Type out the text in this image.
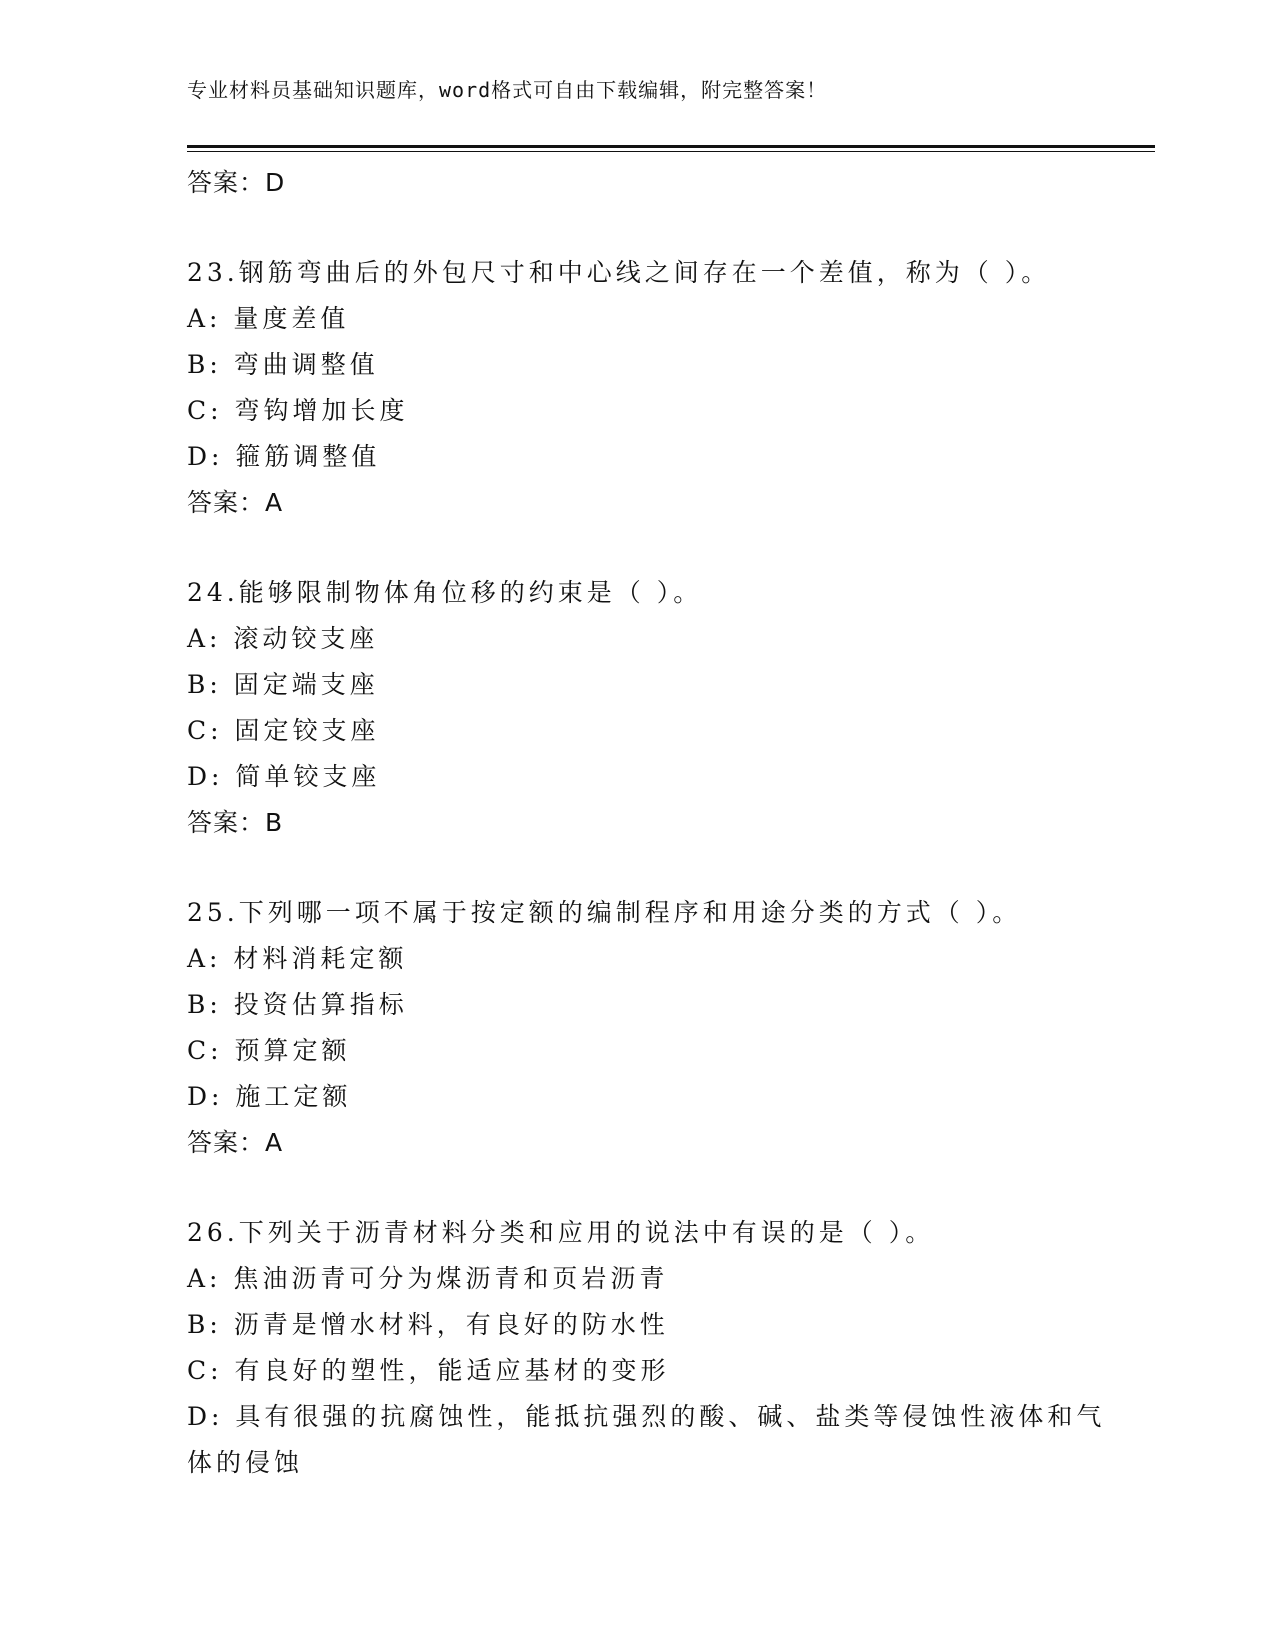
专业材料员基础知识题库，word格式可自由下载编辑，附完整答案！
答案：D
23.钢筋弯曲后的外包尺寸和中心线之间存在一个差值，称为（ ）。
A: 量度差值
B: 弯曲调整值
C: 弯钩增加长度
D: 箍筋调整值
答案：A
24.能够限制物体角位移的约束是（ ）。
A: 滚动铰支座
B: 固定端支座
C: 固定铰支座
D: 简单铰支座
答案：B
25.下列哪一项不属于按定额的编制程序和用途分类的方式（ ）。
A: 材料消耗定额
B: 投资估算指标
C: 预算定额
D: 施工定额
答案：A
26.下列关于沥青材料分类和应用的说法中有误的是（ ）。
A: 焦油沥青可分为煤沥青和页岩沥青
B: 沥青是憎水材料，有良好的防水性
C: 有良好的塑性，能适应基材的变形
D: 具有很强的抗腐蚀性，能抵抗强烈的酸、碱、盐类等侵蚀性液体和气体的侵蚀
